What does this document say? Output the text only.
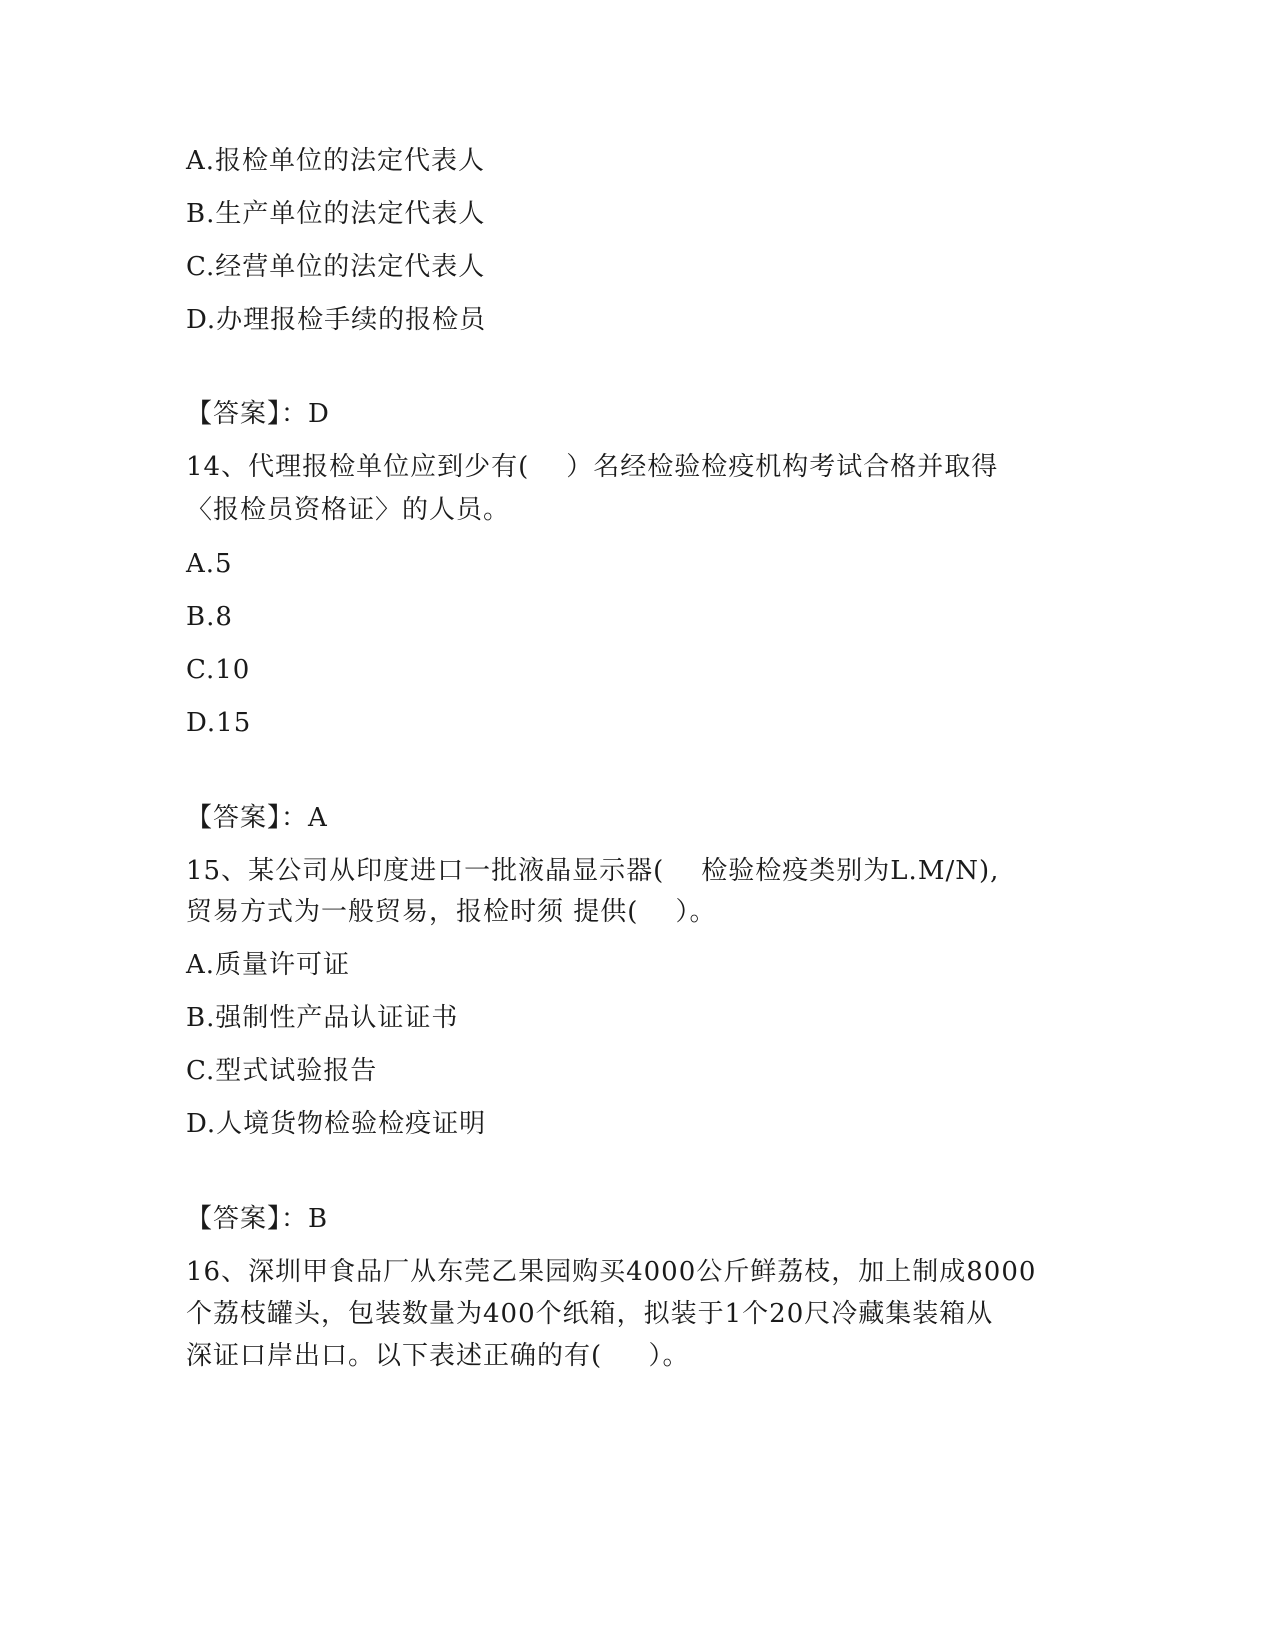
A.报检单位的法定代表人
B.生产单位的法定代表人
C.经营单位的法定代表人
D.办理报检手续的报检员
【答案】：D
14、代理报检单位应到少有(    ）名经检验检疫机构考试合格并取得
〈报检员资格证〉的人员。
A.5
B.8
C.10
D.15
【答案】：A
15、某公司从印度进口一批液晶显示器(    检验检疫类别为L.M/N),
贸易方式为一般贸易，报检时须 提供(    ）。
A.质量许可证
B.强制性产品认证证书
C.型式试验报告
D.人境货物检验检疫证明
【答案】：B
16、深圳甲食品厂从东莞乙果园购买4000公斤鲜荔枝，加上制成8000
个荔枝罐头，包装数量为400个纸箱，拟装于1个20尺冷藏集装箱从
深证口岸出口。以下表述正确的有(     ）。
